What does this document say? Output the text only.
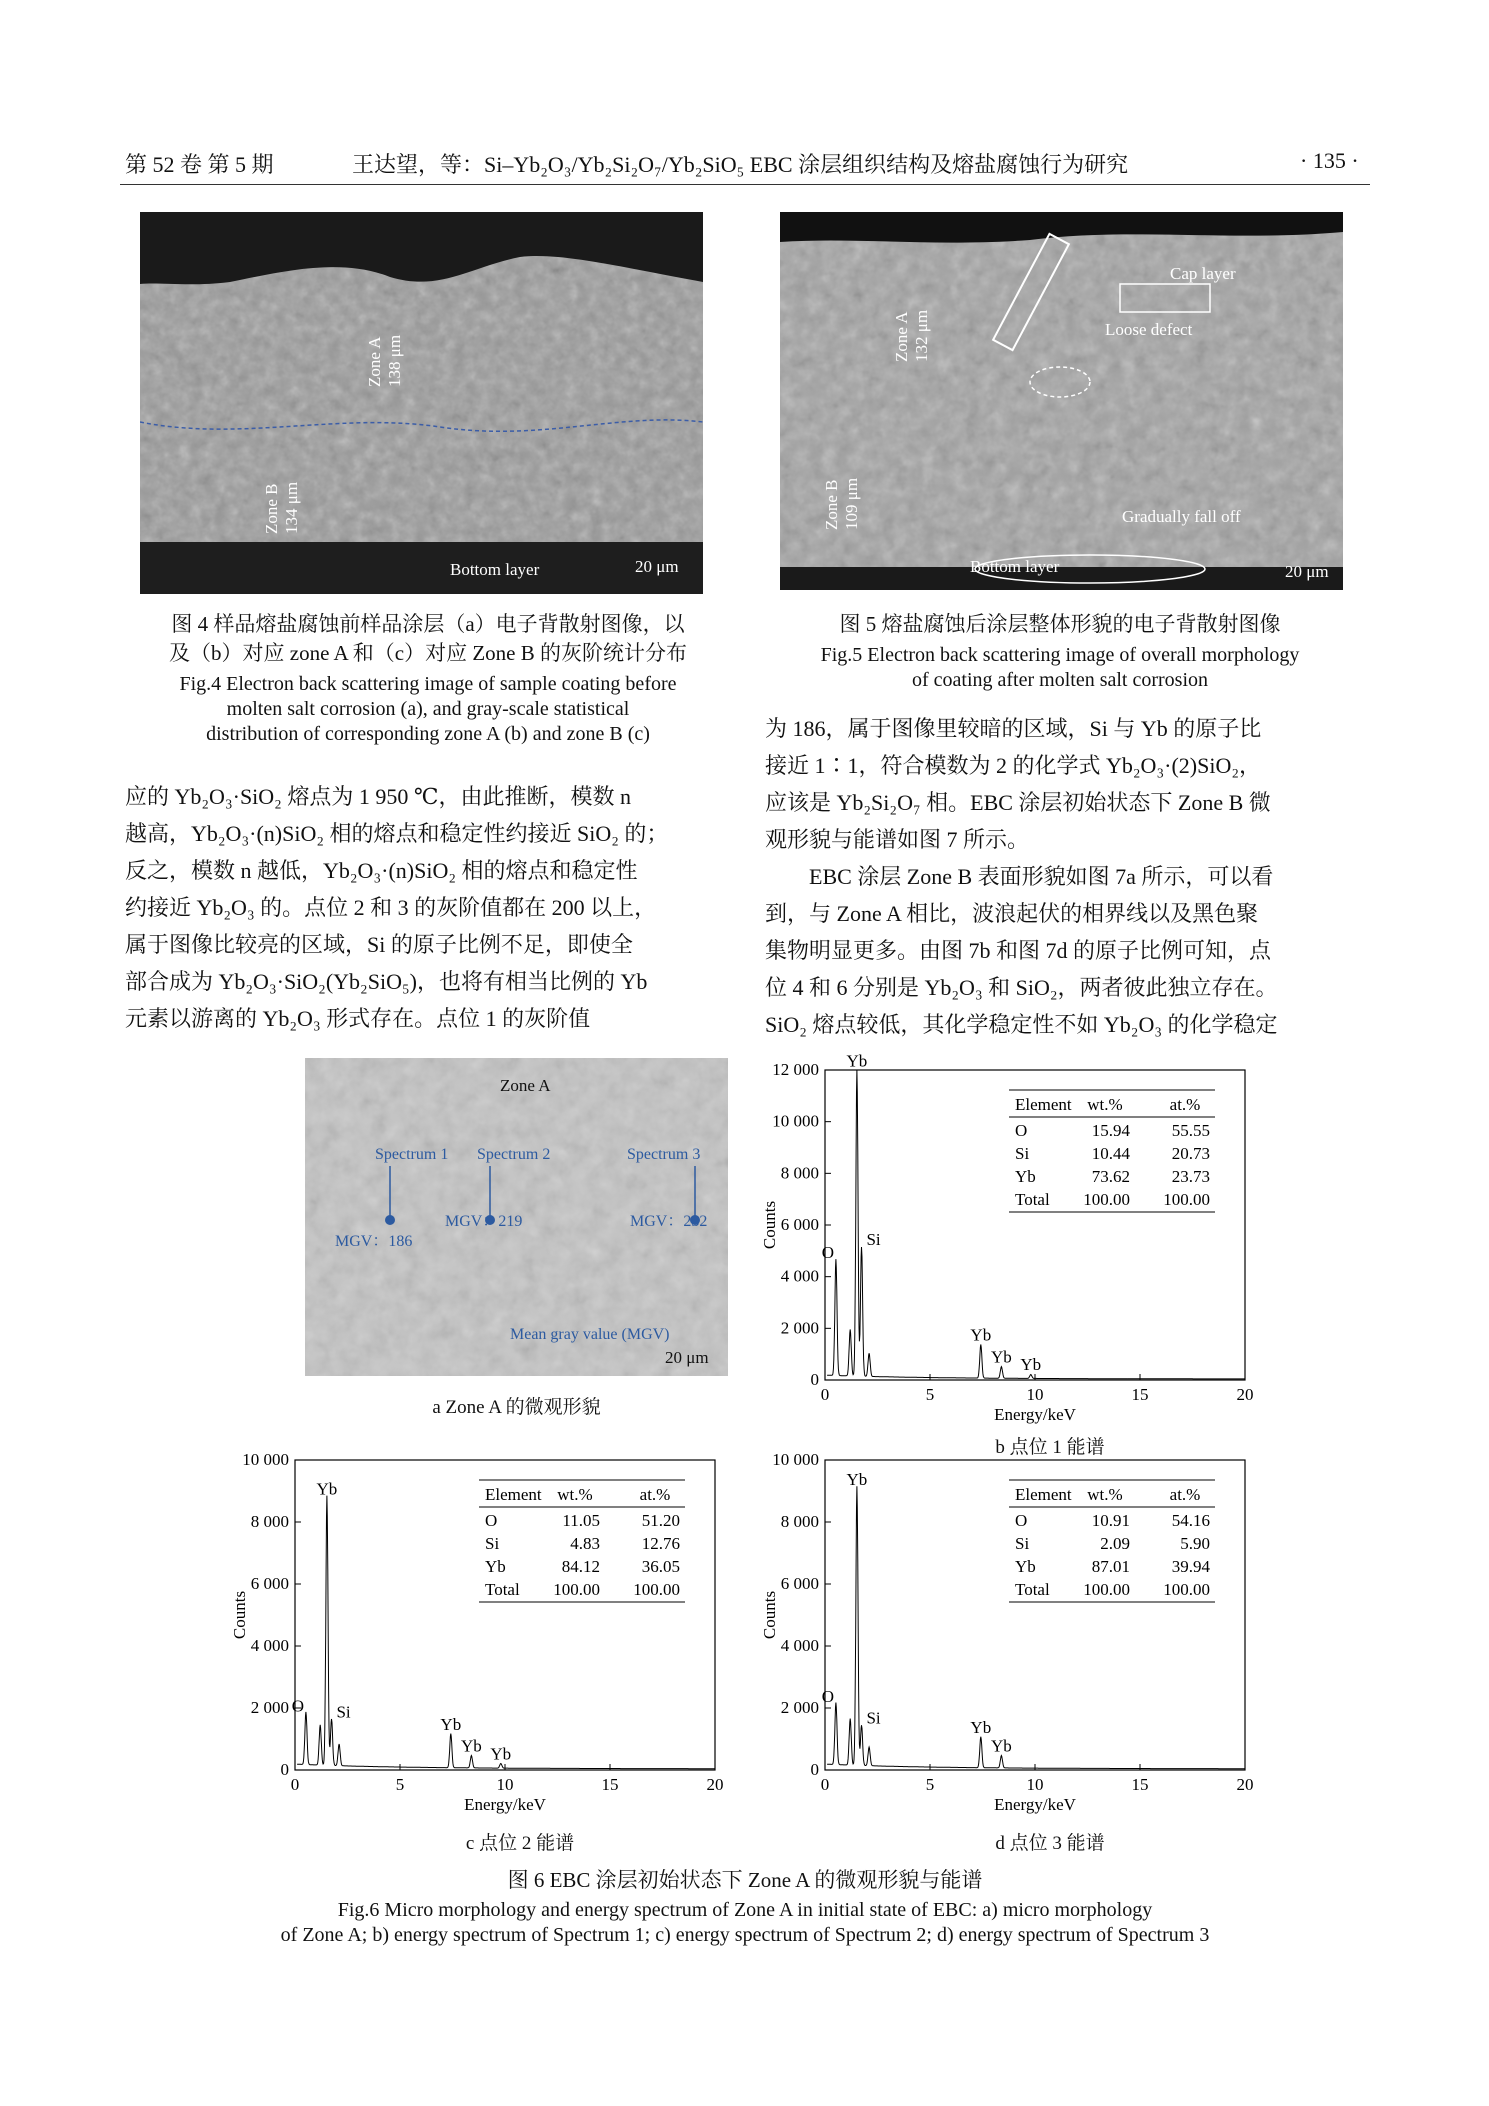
第 52 卷 第 5 期	王达望，等：Si–Yb₂O₃/Yb₂Si₂O₇/Yb₂SiO₅ EBC 涂层组织结构及熔盐腐蚀行为研究	· 135 ·
Zone A 138 μm
Zone B 134 μm
Bottom layer	20 μm
图 4 样品熔盐腐蚀前样品涂层（a）电子背散射图像，以
及（b）对应 zone A 和（c）对应 Zone B 的灰阶统计分布
Fig.4 Electron back scattering image of sample coating before
molten salt corrosion (a), and gray-scale statistical
distribution of corresponding zone A (b) and zone B (c)
Zone A 132 μm
Zone B 109 μm
Cap layer
Loose defect
Gradually fall off
Bottom layer	20 μm
图 5 熔盐腐蚀后涂层整体形貌的电子背散射图像
Fig.5 Electron back scattering image of overall morphology
of coating after molten salt corrosion

应的 Yb₂O₃·SiO₂ 熔点为 1 950 ℃，由此推断，模数 n

越高，Yb₂O₃·(n)SiO₂ 相的熔点和稳定性约接近 SiO₂ 的；

反之，模数 n 越低，Yb₂O₃·(n)SiO₂ 相的熔点和稳定性

约接近 Yb₂O₃ 的。点位 2 和 3 的灰阶值都在 200 以上，

属于图像比较亮的区域，Si 的原子比例不足，即使全

部合成为 Yb₂O₃·SiO₂(Yb₂SiO₅)，也将有相当比例的 Yb

元素以游离的 Yb₂O₃ 形式存在。点位 1 的灰阶值

为 186，属于图像里较暗的区域，Si 与 Yb 的原子比

接近 1∶1，符合模数为 2 的化学式 Yb₂O₃·(2)SiO₂，

应该是 Yb₂Si₂O₇ 相。EBC 涂层初始状态下 Zone B 微

观形貌与能谱如图 7 所示。

EBC 涂层 Zone B 表面形貌如图 7a 所示，可以看

到，与 Zone A 相比，波浪起伏的相界线以及黑色聚

集物明显更多。由图 7b 和图 7d 的原子比例可知，点

位 4 和 6 分别是 Yb₂O₃ 和 SiO₂，两者彼此独立存在。

SiO₂ 熔点较低，其化学稳定性不如 Yb₂O₃ 的化学稳定

Zone A
Spectrum 1 Spectrum 2	Spectrum 3
MGV：186
MGV：219	MGV：232
Mean gray value (MGV)
20 μm
a Zone A 的微观形貌
0	5	10	15	20
0
2 000
4 000
6 000
8 000
10 000
12 000
Energy/keV
Counts
O
Yb
Si
Yb
Yb Yb
Element wt.%	at.%
O	15.94 55.55
Si	10.44 20.73
Yb	73.62 23.73
Total 100.00 100.00
b 点位 1 能谱
0	5	10	15	20
0
2 000
4 000
6 000
8 000
10 000
Energy/keV
Counts
O
Yb
Si
Yb
Yb Yb
Element wt.%	at.%
O	11.05 51.20
Si	4.83 12.76
Yb	84.12 36.05
Total 100.00 100.00
c 点位 2 能谱
0	5	10	15	20
0
2 000
4 000
6 000
8 000
10 000
Energy/keV
Counts
O
Yb
Si	Yb
Yb
Element wt.%	at.%
O	10.91 54.16
Si	2.09	5.90
Yb	87.01 39.94
Total 100.00 100.00
d 点位 3 能谱
图 6 EBC 涂层初始状态下 Zone A 的微观形貌与能谱
Fig.6 Micro morphology and energy spectrum of Zone A in initial state of EBC: a) micro morphology
of Zone A; b) energy spectrum of Spectrum 1; c) energy spectrum of Spectrum 2; d) energy spectrum of Spectrum 3
